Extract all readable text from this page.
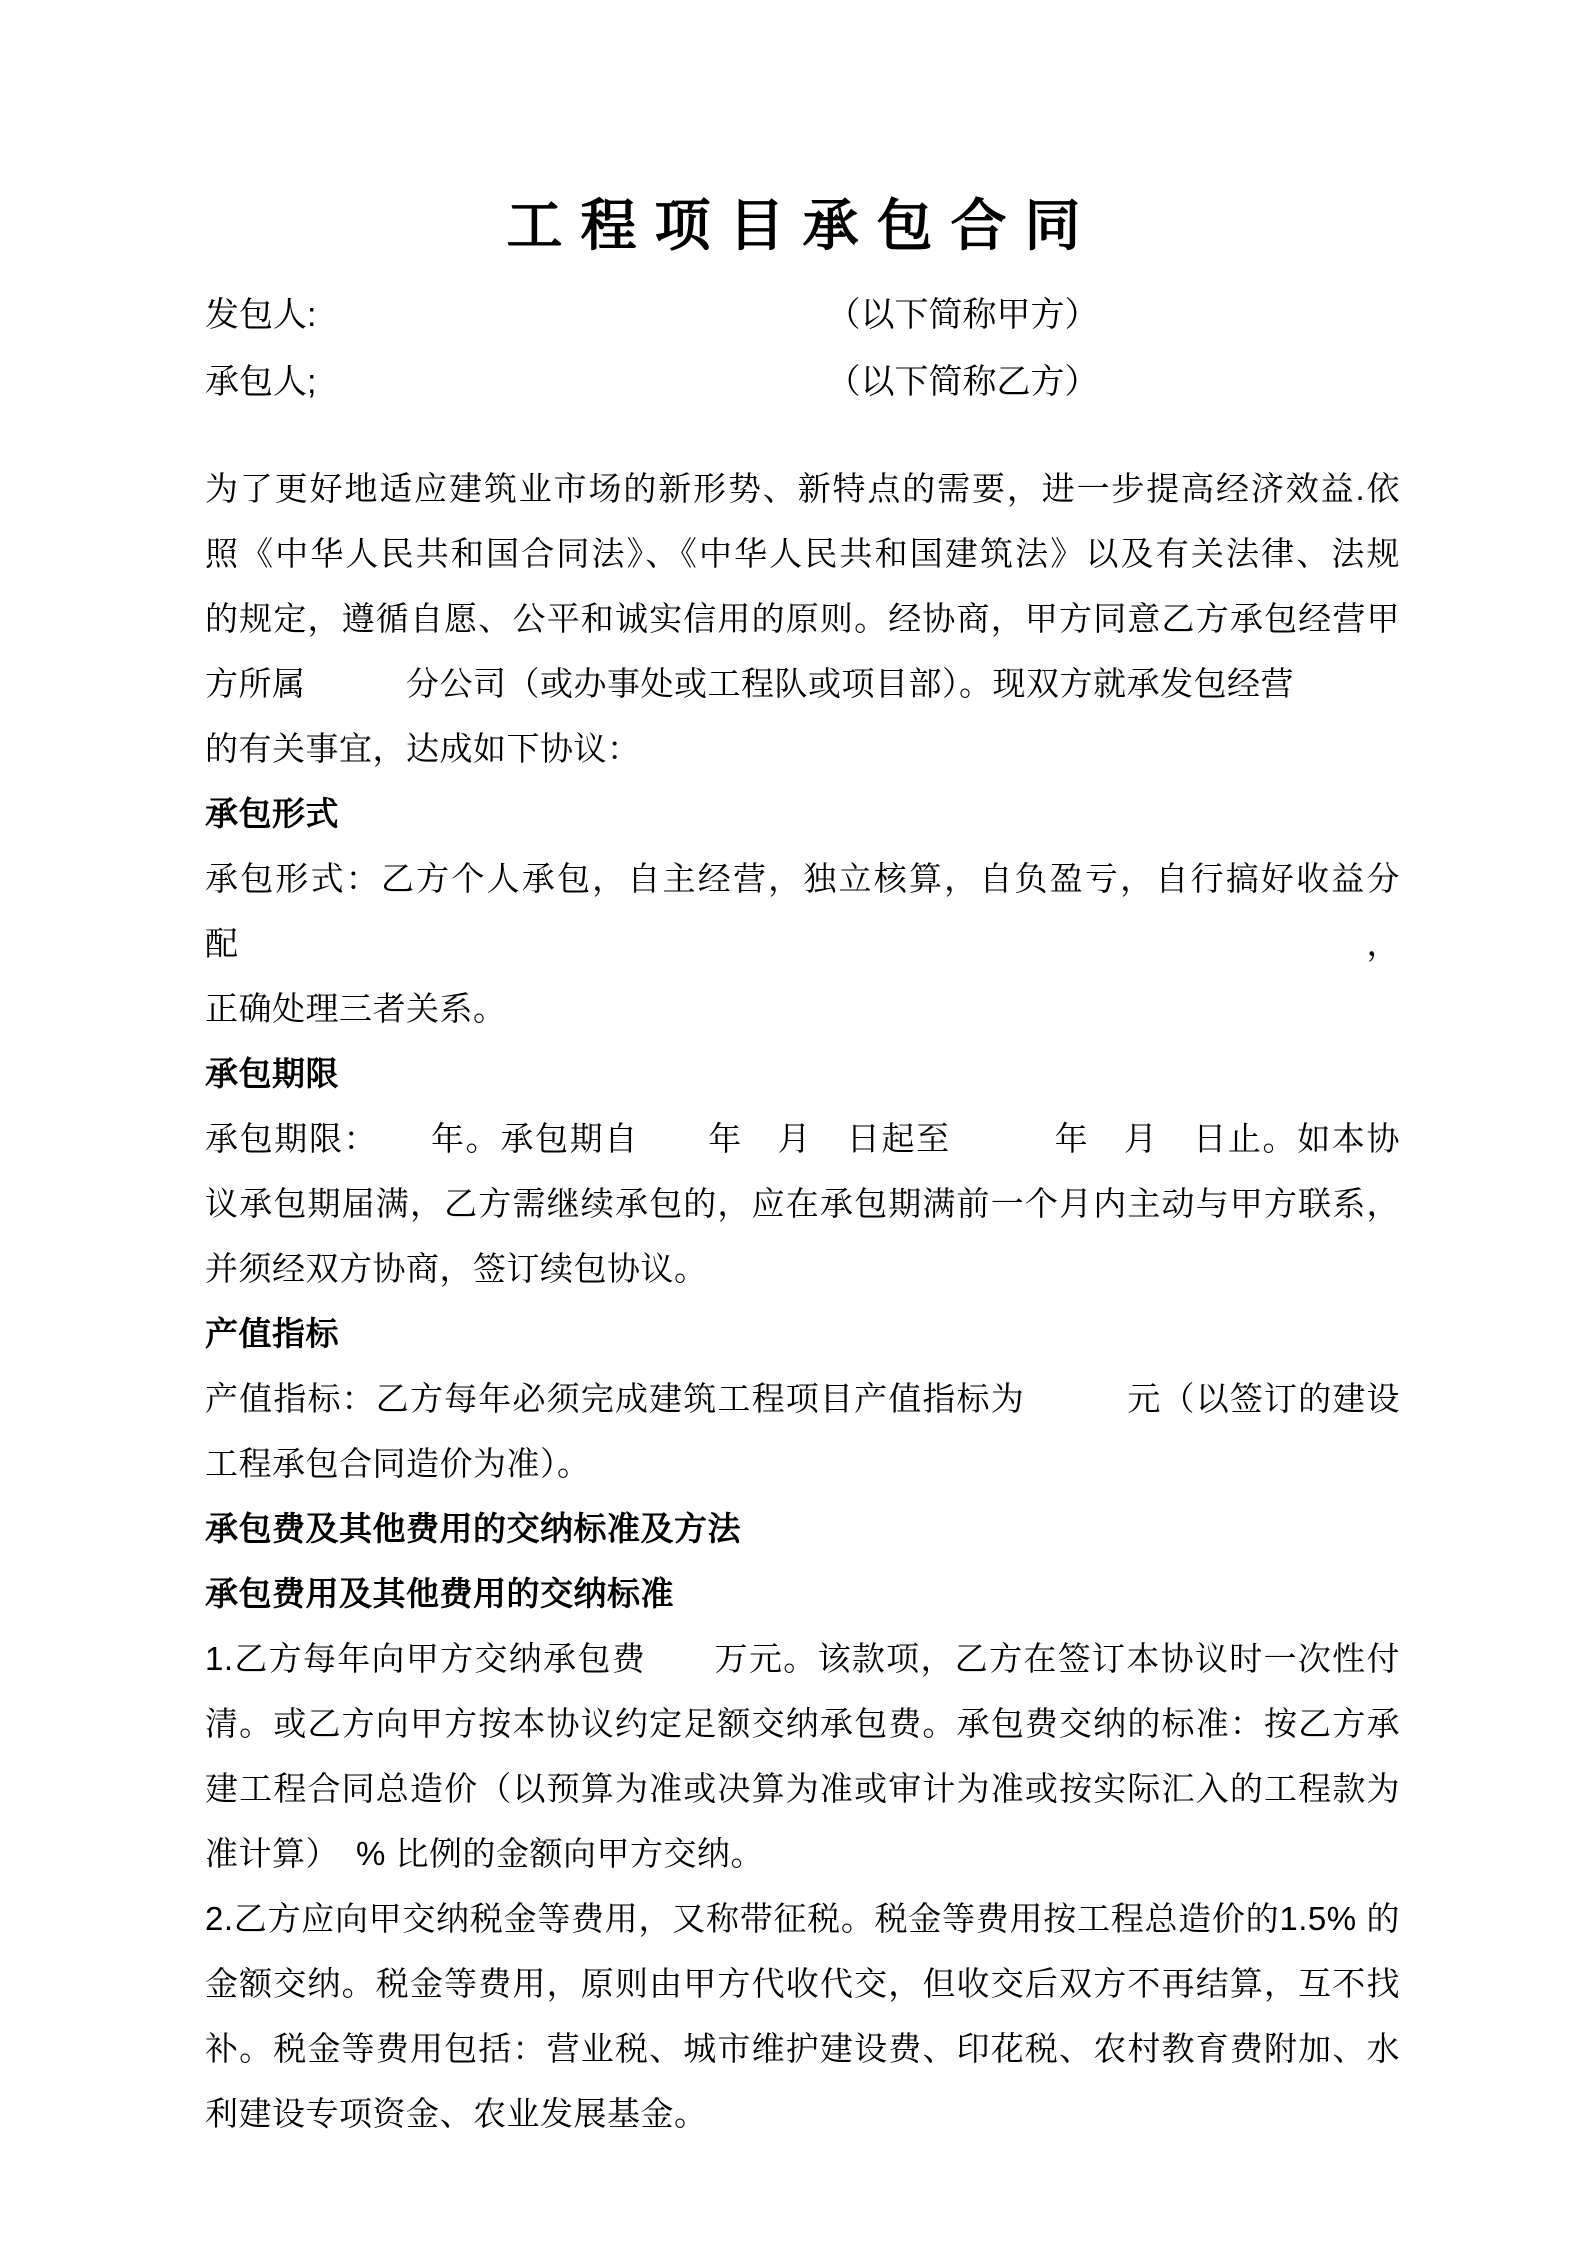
工程项目承包合同
发包人:	（以下简称甲方）
承包人;	（以下简称乙方）
为了更好地适应建筑业市场的新形势、新特点的需要，进一步提高经济效益.依
照《中华人民共和国合同法》、《中华人民共和国建筑法》以及有关法律、法规
的规定，遵循自愿、公平和诚实信用的原则。经协商，甲方同意乙方承包经营甲
方所属　　　分公司（或办事处或工程队或项目部）。现双方就承发包经营
的有关事宜，达成如下协议：
承包形式
承包形式：乙方个人承包，自主经营，独立核算，自负盈亏，自行搞好收益分配，
正确处理三者关系。
承包期限
承包期限：　　年。承包期自　　年　月　日起至　　　年　月　日止。如本协
议承包期届满，乙方需继续承包的，应在承包期满前一个月内主动与甲方联系，
并须经双方协商，签订续包协议。
产值指标
产值指标：乙方每年必须完成建筑工程项目产值指标为　　　元（以签订的建设
工程承包合同造价为准）。
承包费及其他费用的交纳标准及方法
承包费用及其他费用的交纳标准
1.乙方每年向甲方交纳承包费　　万元。该款项，乙方在签订本协议时一次性付
清。或乙方向甲方按本协议约定足额交纳承包费。承包费交纳的标准：按乙方承
建工程合同总造价（以预算为准或决算为准或审计为准或按实际汇入的工程款为
准计算）　% 比例的金额向甲方交纳。
2.乙方应向甲交纳税金等费用，又称带征税。税金等费用按工程总造价的1.5% 的
金额交纳。税金等费用，原则由甲方代收代交，但收交后双方不再结算，互不找
补。税金等费用包括：营业税、城市维护建设费、印花税、农村教育费附加、水
利建设专项资金、农业发展基金。
